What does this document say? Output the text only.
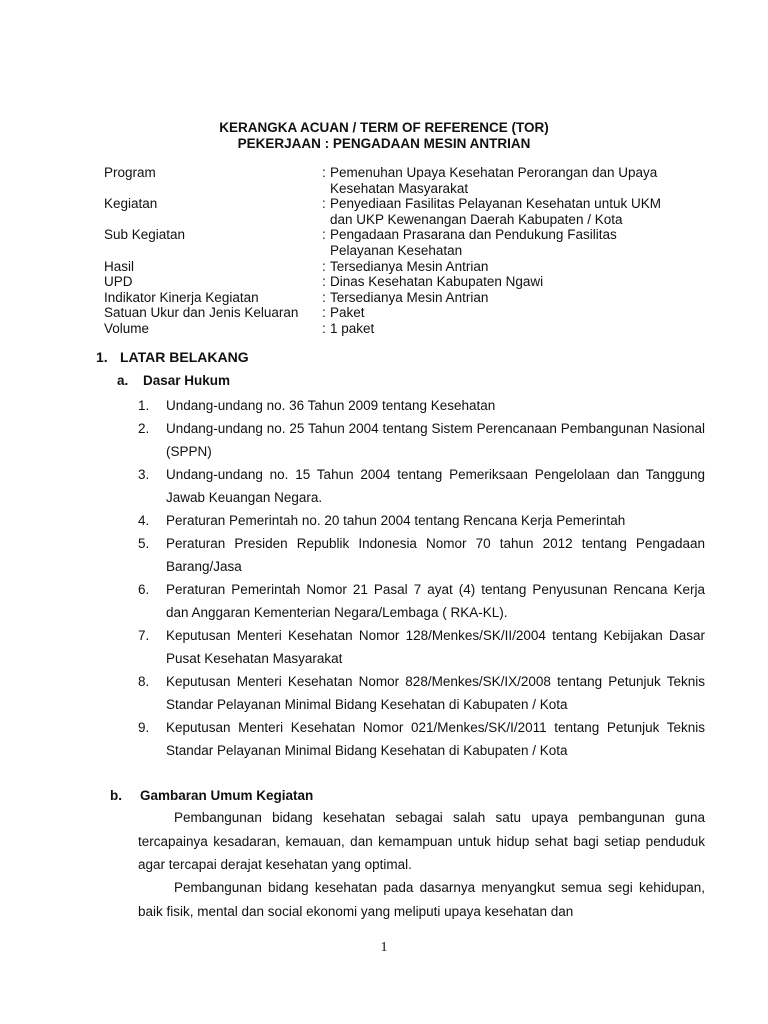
KERANGKA ACUAN / TERM OF REFERENCE (TOR)
PEKERJAAN : PENGADAAN MESIN ANTRIAN
Program	: Pemenuhan Upaya Kesehatan Perorangan dan Upaya
Kesehatan Masyarakat
Kegiatan	: Penyediaan Fasilitas Pelayanan Kesehatan untuk UKM
dan UKP Kewenangan Daerah Kabupaten / Kota
Sub Kegiatan	: Pengadaan Prasarana dan Pendukung Fasilitas
Pelayanan Kesehatan
Hasil	: Tersedianya Mesin Antrian
UPD	: Dinas Kesehatan Kabupaten Ngawi
Indikator Kinerja Kegiatan	: Tersedianya Mesin Antrian
Satuan Ukur dan Jenis Keluaran	: Paket
Volume	: 1 paket
1. LATAR BELAKANG
a. Dasar Hukum
1.	Undang-undang no. 36 Tahun 2009 tentang Kesehatan
2.	Undang-undang no. 25 Tahun 2004 tentang Sistem Perencanaan Pembangunan Nasional (SPPN)
3.	Undang-undang no. 15 Tahun 2004 tentang Pemeriksaan Pengelolaan dan Tanggung Jawab Keuangan Negara.
4.	Peraturan Pemerintah no. 20 tahun 2004 tentang Rencana Kerja Pemerintah
5.	Peraturan Presiden Republik Indonesia Nomor 70 tahun 2012 tentang Pengadaan Barang/Jasa
6.	Peraturan Pemerintah Nomor 21 Pasal 7 ayat (4) tentang Penyusunan Rencana Kerja dan Anggaran Kementerian Negara/Lembaga ( RKA-KL).
7.	Keputusan Menteri Kesehatan Nomor 128/Menkes/SK/II/2004 tentang Kebijakan Dasar Pusat Kesehatan Masyarakat
8.	Keputusan Menteri Kesehatan Nomor 828/Menkes/SK/IX/2008 tentang Petunjuk Teknis Standar Pelayanan Minimal Bidang Kesehatan di Kabupaten / Kota
9.	Keputusan Menteri Kesehatan Nomor 021/Menkes/SK/I/2011 tentang Petunjuk Teknis Standar Pelayanan Minimal Bidang Kesehatan di Kabupaten / Kota
b. Gambaran Umum Kegiatan
Pembangunan bidang kesehatan sebagai salah satu upaya pembangunan guna tercapainya kesadaran, kemauan, dan kemampuan untuk hidup sehat bagi setiap penduduk agar tercapai derajat kesehatan yang optimal.
Pembangunan bidang kesehatan pada dasarnya menyangkut semua segi kehidupan, baik fisik, mental dan social ekonomi yang meliputi upaya kesehatan dan
1
